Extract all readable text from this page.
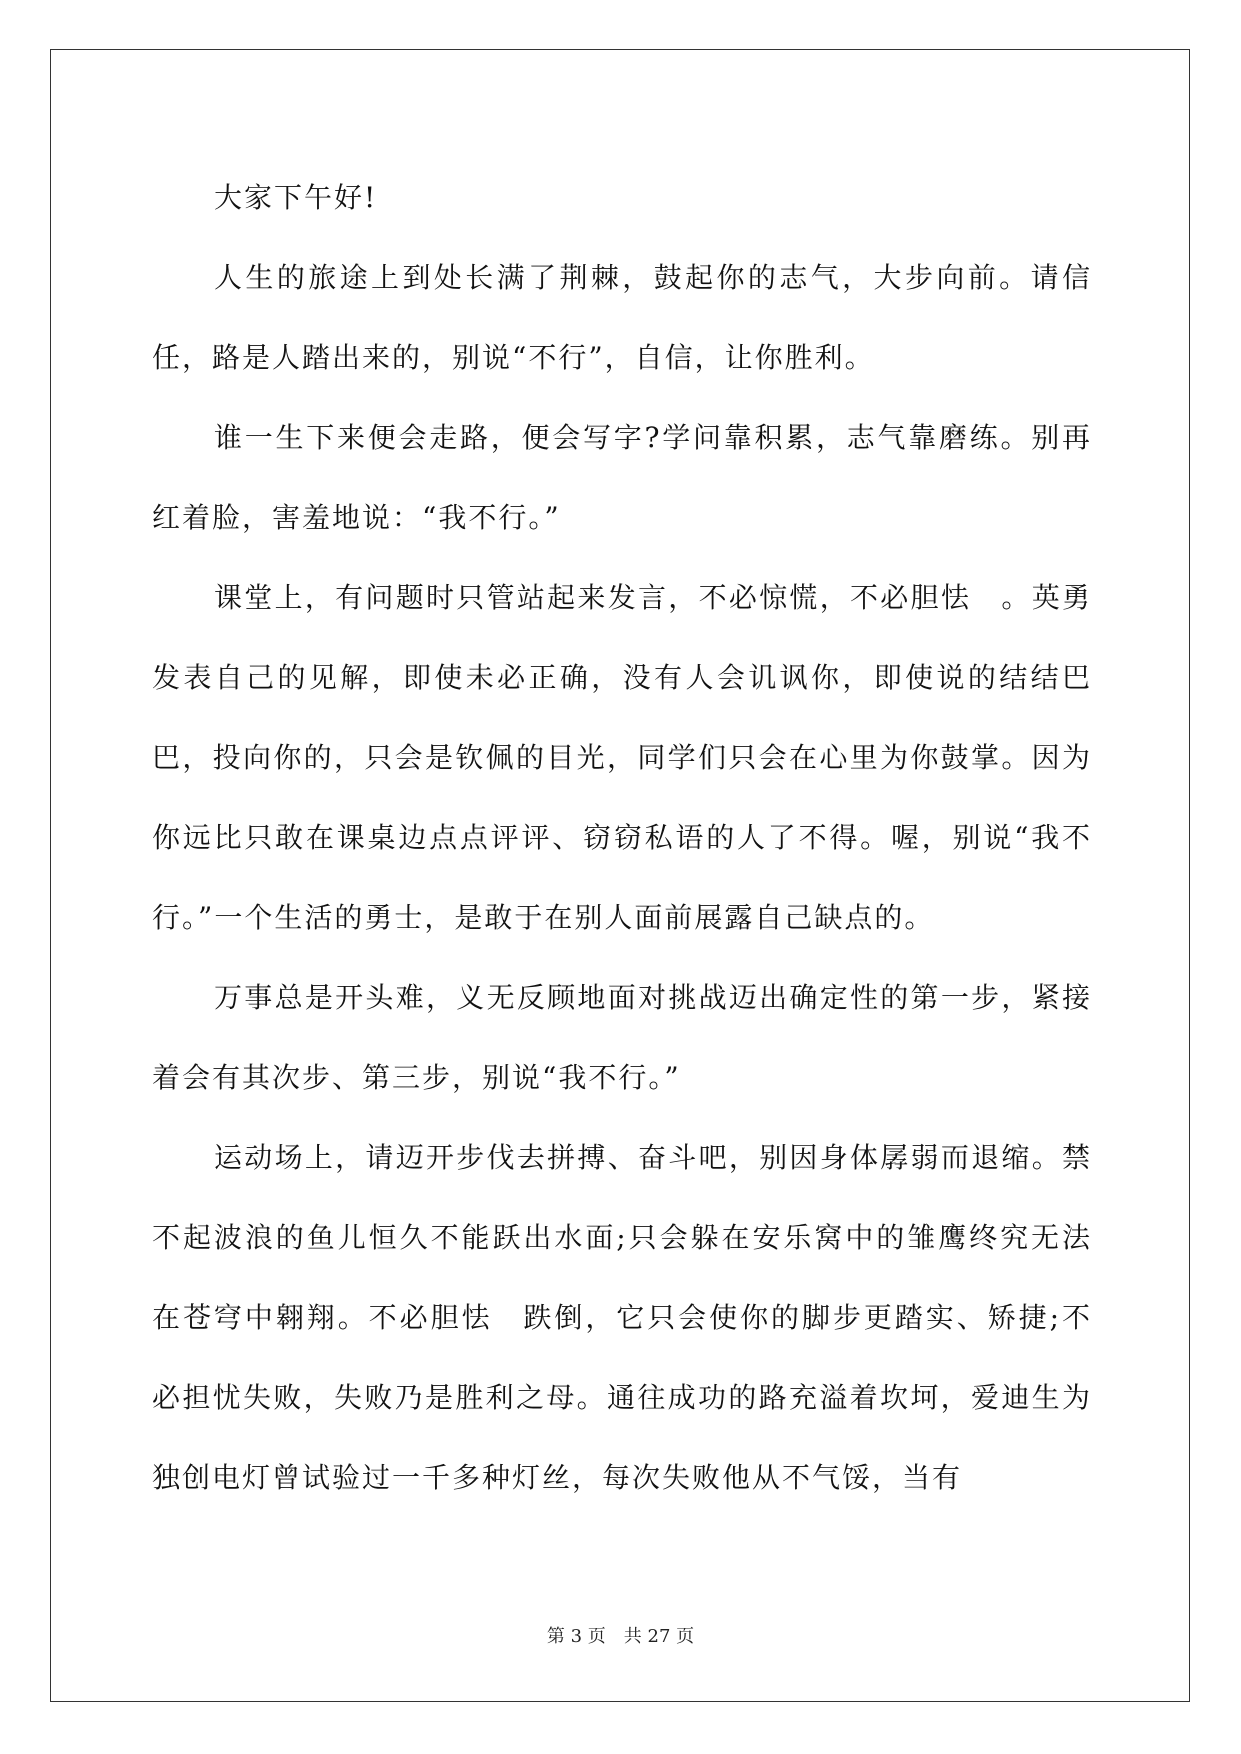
大家下午好!

人生的旅途上到处长满了荆棘，鼓起你的志气，大步向前。请信任，路是人踏出来的，别说“不行”，自信，让你胜利。

谁一生下来便会走路，便会写字?学问靠积累，志气靠磨练。别再红着脸，害羞地说：“我不行。”

课堂上，有问题时只管站起来发言，不必惊慌，不必胆怯　。英勇发表自己的见解，即使未必正确，没有人会讥讽你，即使说的结结巴巴，投向你的，只会是钦佩的目光，同学们只会在心里为你鼓掌。因为你远比只敢在课桌边点点评评、窃窃私语的人了不得。喔，别说“我不行。”一个生活的勇士，是敢于在别人面前展露自己缺点的。

万事总是开头难，义无反顾地面对挑战迈出确定性的第一步，紧接着会有其次步、第三步，别说“我不行。”

运动场上，请迈开步伐去拼搏、奋斗吧，别因身体孱弱而退缩。禁不起波浪的鱼儿恒久不能跃出水面;只会躲在安乐窝中的雏鹰终究无法在苍穹中翱翔。不必胆怯　跌倒，它只会使你的脚步更踏实、矫捷;不必担忧失败，失败乃是胜利之母。通往成功的路充溢着坎坷，爱迪生为独创电灯曾试验过一千多种灯丝，每次失败他从不气馁，当有

第 3 页　共 27 页
